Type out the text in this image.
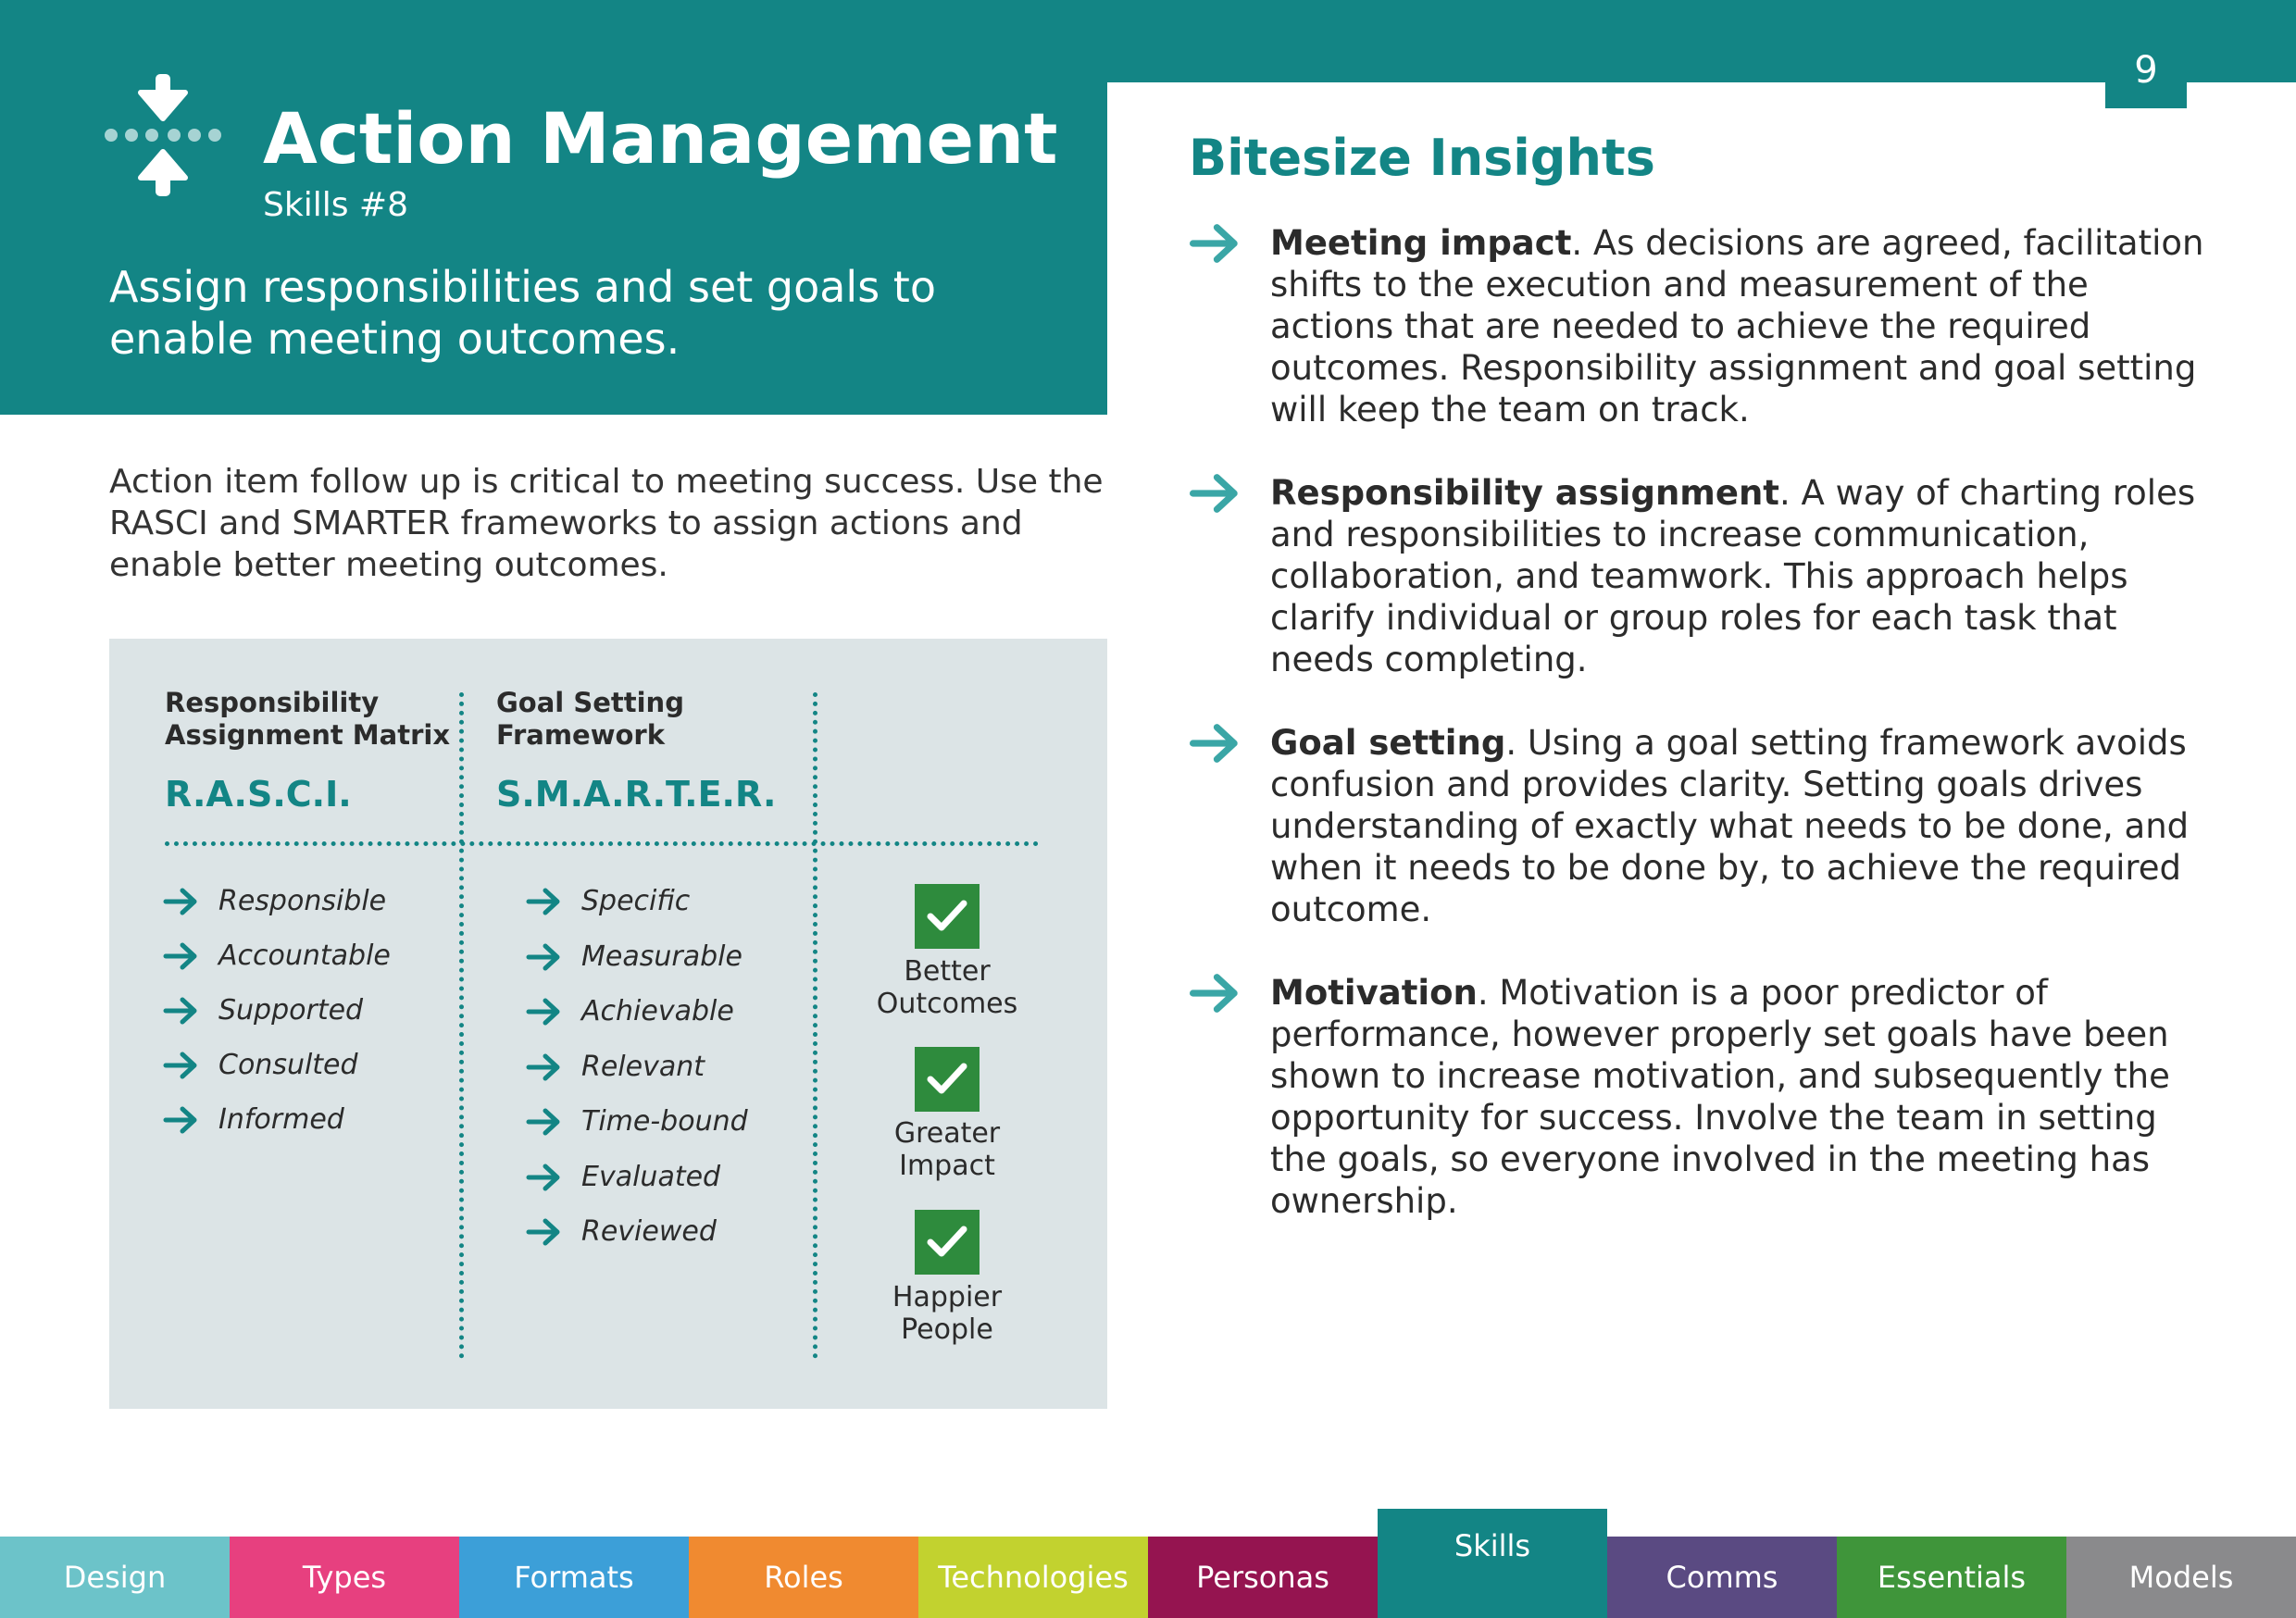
9
Action Management
Skills #8
Assign responsibilities and set goals to enable meeting outcomes.
Action item follow up is critical to meeting success. Use the RASCI and SMARTER frameworks to assign actions and enable better meeting outcomes.
Responsibility
Assignment Matrix
R.A.S.C.I.
Goal Setting
Framework
S.M.A.R.T.E.R.
Better
Outcomes
Greater
Impact
Happier
People
Responsible
Accountable
Supported
Consulted
Informed
Specific
Measurable
Achievable
Relevant
Time-bound
Evaluated
Reviewed
Bitesize Insights
Design	Types	Formats	Roles	Technologies	Personas
Skills
Comms	Essentials	Models
Meeting impact. As decisions are agreed, facilitation shifts to the execution and measurement of the actions that are needed to achieve the required outcomes. Responsibility assignment and goal setting will keep the team on track.
Responsibility assignment. A way of charting roles and responsibilities to increase communication, collaboration, and teamwork. This approach helps clarify individual or group roles for each task that needs completing.
Goal setting. Using a goal setting framework avoids confusion and provides clarity. Setting goals drives understanding of exactly what needs to be done, and when it needs to be done by, to achieve the required outcome.
Motivation. Motivation is a poor predictor of performance, however properly set goals have been shown to increase motivation, and subsequently the opportunity for success. Involve the team in setting the goals, so everyone involved in the meeting has ownership.
